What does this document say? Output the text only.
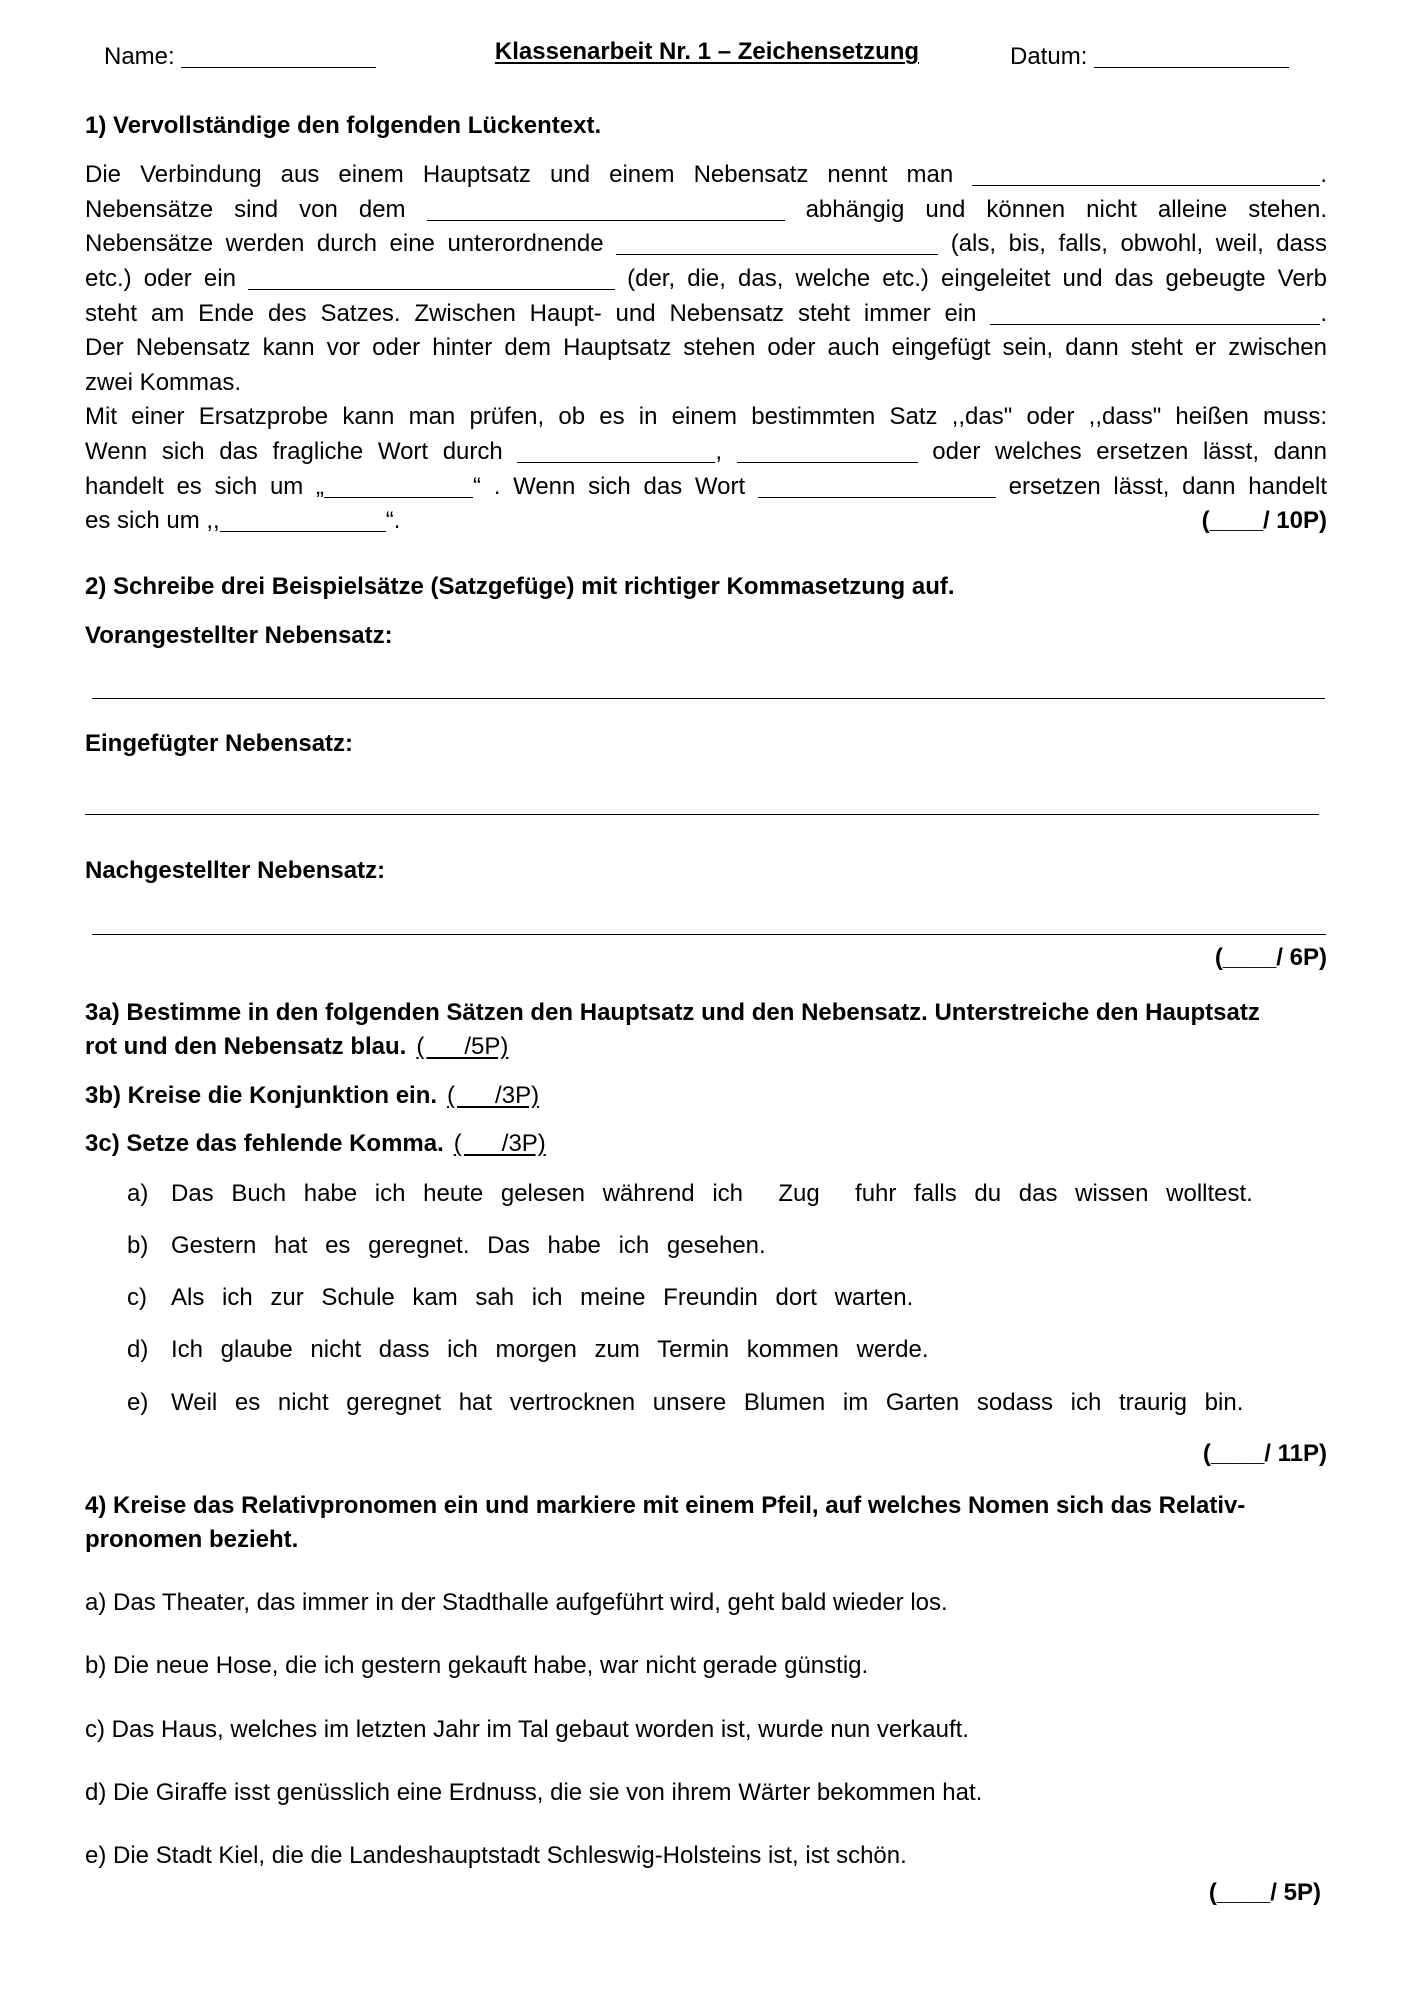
Name:	Klassenarbeit Nr. 1 – Zeichensetzung	Datum:
1) Vervollständige den folgenden Lückentext.
Die Verbindung aus einem Hauptsatz und einem Nebensatz nennt man	.
Nebensätze sind von dem	abhängig und können nicht alleine stehen.
Nebensätze werden durch eine unterordnende	(als, bis, falls, obwohl, weil, dass
etc.) oder ein	(der, die, das, welche etc.) eingeleitet und das gebeugte Verb
steht am Ende des Satzes. Zwischen Haupt- und Nebensatz steht immer ein	.
Der Nebensatz kann vor oder hinter dem Hauptsatz stehen oder auch eingefügt sein, dann steht er zwischen
zwei Kommas.
Mit einer Ersatzprobe kann man prüfen, ob es in einem bestimmten Satz ,,das" oder ,,dass" heißen muss:
Wenn sich das fragliche Wort durch	,	oder welches ersetzen lässt, dann
handelt es sich um „	“ . Wenn sich das Wort	ersetzen lässt, dann handelt
es sich um ,,	“.	(____/ 10P)
2) Schreibe drei Beispielsätze (Satzgefüge) mit richtiger Kommasetzung auf.
Vorangestellter Nebensatz:
Eingefügter Nebensatz:
Nachgestellter Nebensatz:
(____/ 6P)
3a) Bestimme in den folgenden Sätzen den Hauptsatz und den Nebensatz. Unterstreiche den Hauptsatz
rot und den Nebensatz blau. (      /5P)
3b) Kreise die Konjunktion ein. (      /3P)
3c) Setze das fehlende Komma. (      /3P)
a) Das Buch habe ich heute gelesen während ich  Zug  fuhr falls du das wissen wolltest.
b) Gestern hat es geregnet. Das habe ich gesehen.
c) Als ich zur Schule kam sah ich meine Freundin dort warten.
d) Ich glaube nicht dass ich morgen zum Termin kommen werde.
e) Weil es nicht geregnet hat vertrocknen unsere Blumen im Garten sodass ich traurig bin.
(____/ 11P)
4) Kreise das Relativpronomen ein und markiere mit einem Pfeil, auf welches Nomen sich das Relativ-
pronomen bezieht.
a) Das Theater, das immer in der Stadthalle aufgeführt wird, geht bald wieder los.
b) Die neue Hose, die ich gestern gekauft habe, war nicht gerade günstig.
c) Das Haus, welches im letzten Jahr im Tal gebaut worden ist, wurde nun verkauft.
d) Die Giraffe isst genüsslich eine Erdnuss, die sie von ihrem Wärter bekommen hat.
e) Die Stadt Kiel, die die Landeshauptstadt Schleswig-Holsteins ist, ist schön.
(____/ 5P)
